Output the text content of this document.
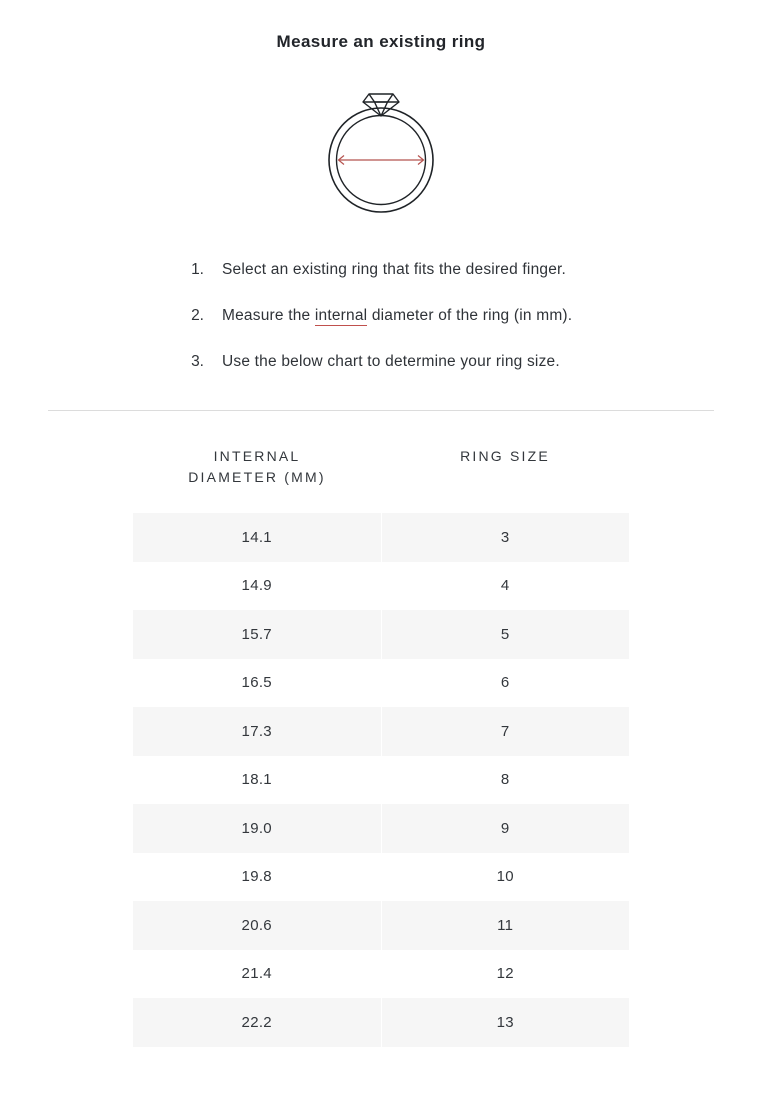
Measure an existing ring
1. Select an existing ring that fits the desired finger.
2. Measure the internal diameter of the ring (in mm).
3. Use the below chart to determine your ring size.
INTERNAL
DIAMETER (MM)	RING SIZE
14.1	3
14.9	4
15.7	5
16.5	6
17.3	7
18.1	8
19.0	9
19.8	10
20.6	11
21.4	12
22.2	13
